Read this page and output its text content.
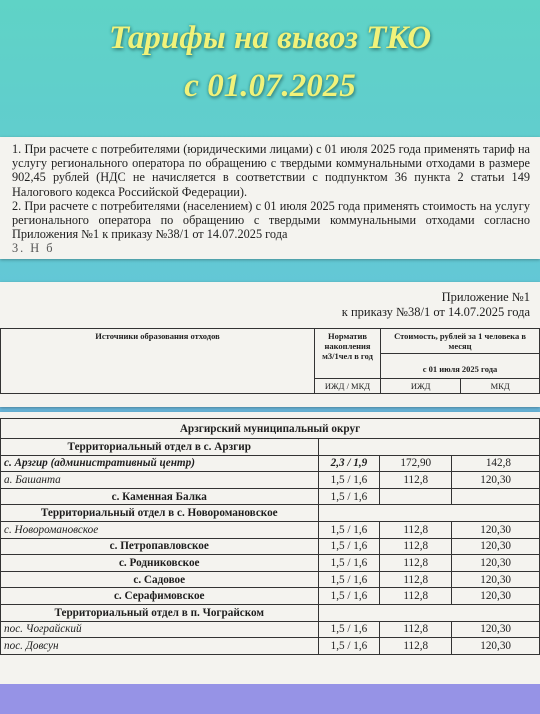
Тарифы на вывоз ТКО
с 01.07.2025

1. При расчете с потребителями (юридическими лицами) с 01 июля 2025 года применять тариф на услугу регионального оператора по обращению с твердыми коммунальными отходами в размере 902,45 рублей (НДС не начисляется в соответствии с подпунктом 36 пункта 2 статьи 149 Налогового кодекса Российской Федерации).

2. При расчете с потребителями (населением) с 01 июля 2025 года применять стоимость на услугу регионального оператора по обращению с твердыми коммунальными отходами согласно Приложения №1 к приказу №38/1 от 14.07.2025 года

3. Н б

Приложение №1
к приказу №38/1 от 14.07.2025 года
Источники образования отходов	Норматив накопления м3/1чел в год	Стоимость, рублей за 1 человека в месяц	
		с 01 июля 2025 года	
	ИЖД / МКД	ИЖД	МКД
Арзгирский муниципальный округ			
Территориальный отдел в с. Арзгир			
с. Арзгир (административный центр)	2,3 / 1,9	172,90	142,8
а. Башанта	1,5 / 1,6	112,8	120,30
с. Каменная Балка	1,5 / 1,6		
Территориальный отдел в с. Новоромановское			
с. Новоромановское	1,5 / 1,6	112,8	120,30
с. Петропавловское	1,5 / 1,6	112,8	120,30
с. Родниковское	1,5 / 1,6	112,8	120,30
с. Садовое	1,5 / 1,6	112,8	120,30
с. Серафимовское	1,5 / 1,6	112,8	120,30
Территориальный отдел в п. Чограйском			
пос. Чограйский	1,5 / 1,6	112,8	120,30
пос. Довсун	1,5 / 1,6	112,8	120,30
